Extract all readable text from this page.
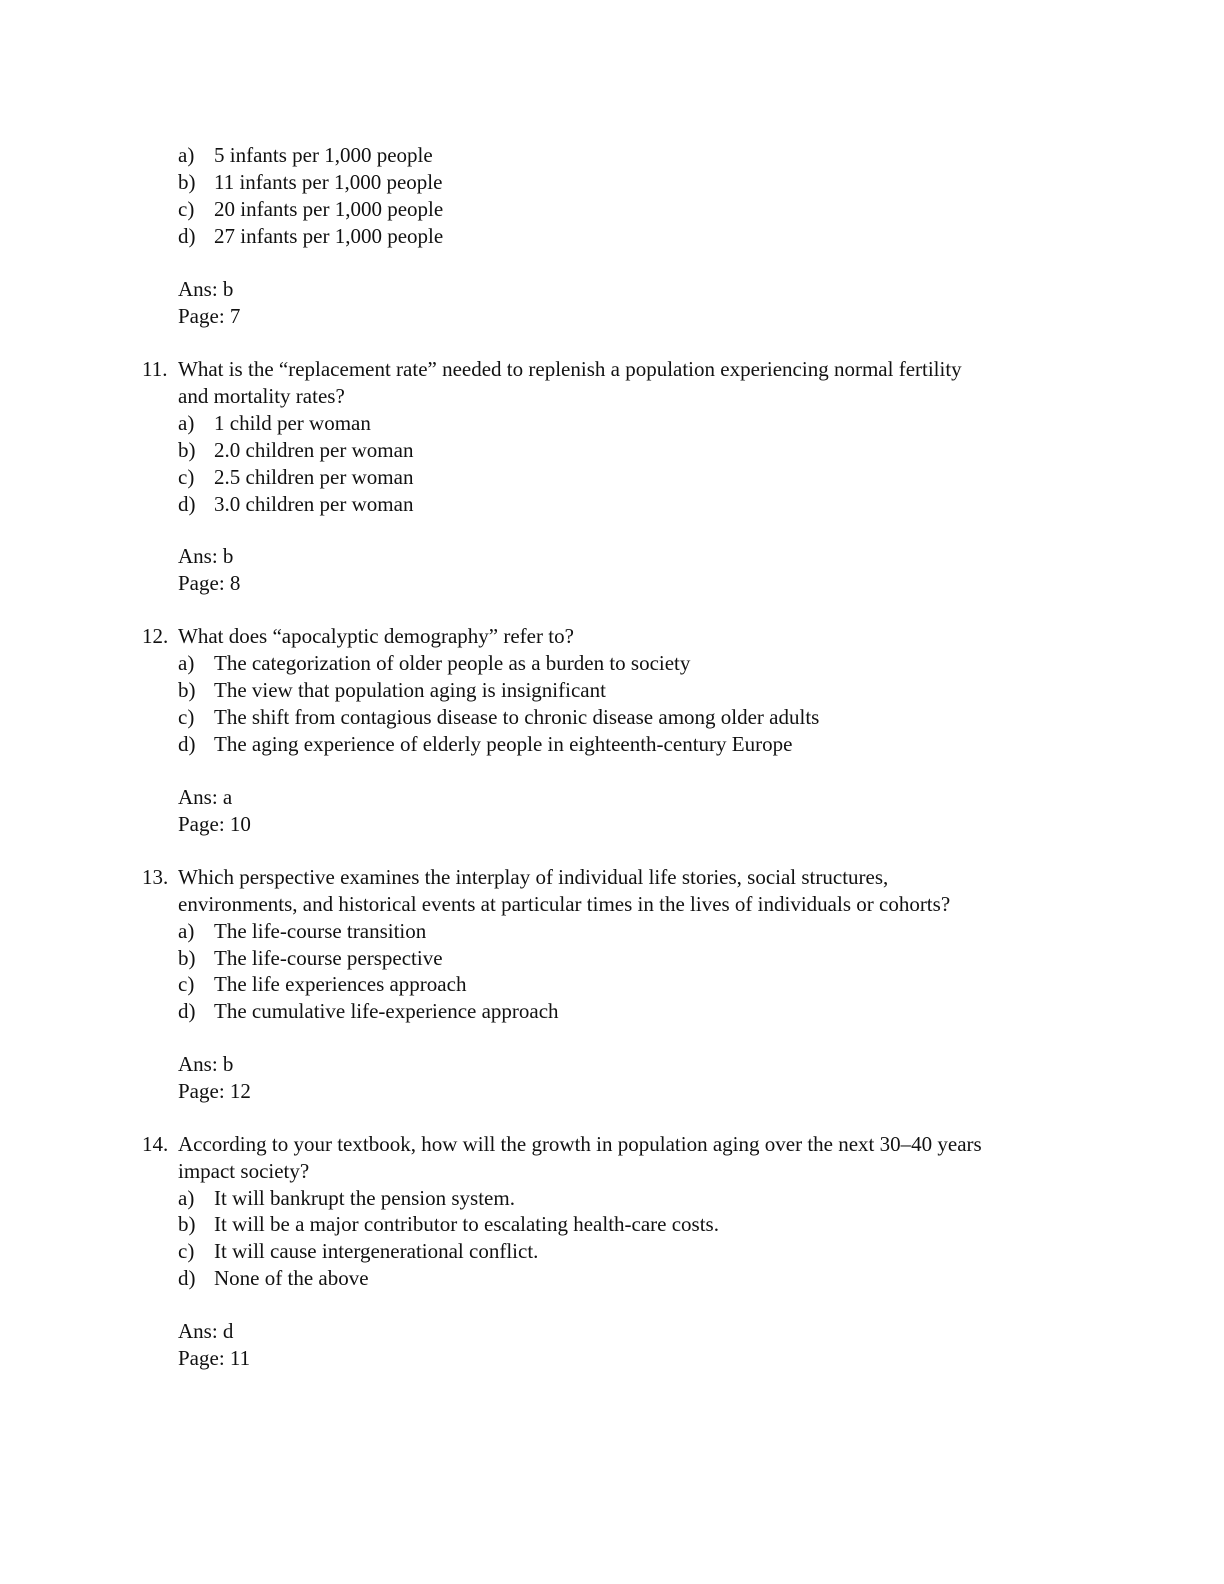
a) 5 infants per 1,000 people
b) 11 infants per 1,000 people
c) 20 infants per 1,000 people
d) 27 infants per 1,000 people
Ans: b
Page: 7
11. What is the “replacement rate” needed to replenish a population experiencing normal fertility
and mortality rates?
a) 1 child per woman
b) 2.0 children per woman
c) 2.5 children per woman
d) 3.0 children per woman
Ans: b
Page: 8
12. What does “apocalyptic demography” refer to?
a) The categorization of older people as a burden to society
b) The view that population aging is insignificant
c) The shift from contagious disease to chronic disease among older adults
d) The aging experience of elderly people in eighteenth-century Europe
Ans: a
Page: 10
13. Which perspective examines the interplay of individual life stories, social structures,
environments, and historical events at particular times in the lives of individuals or cohorts?
a) The life-course transition
b) The life-course perspective
c) The life experiences approach
d) The cumulative life-experience approach
Ans: b
Page: 12
14. According to your textbook, how will the growth in population aging over the next 30–40 years
impact society?
a) It will bankrupt the pension system.
b) It will be a major contributor to escalating health-care costs.
c) It will cause intergenerational conflict.
d) None of the above
Ans: d
Page: 11
